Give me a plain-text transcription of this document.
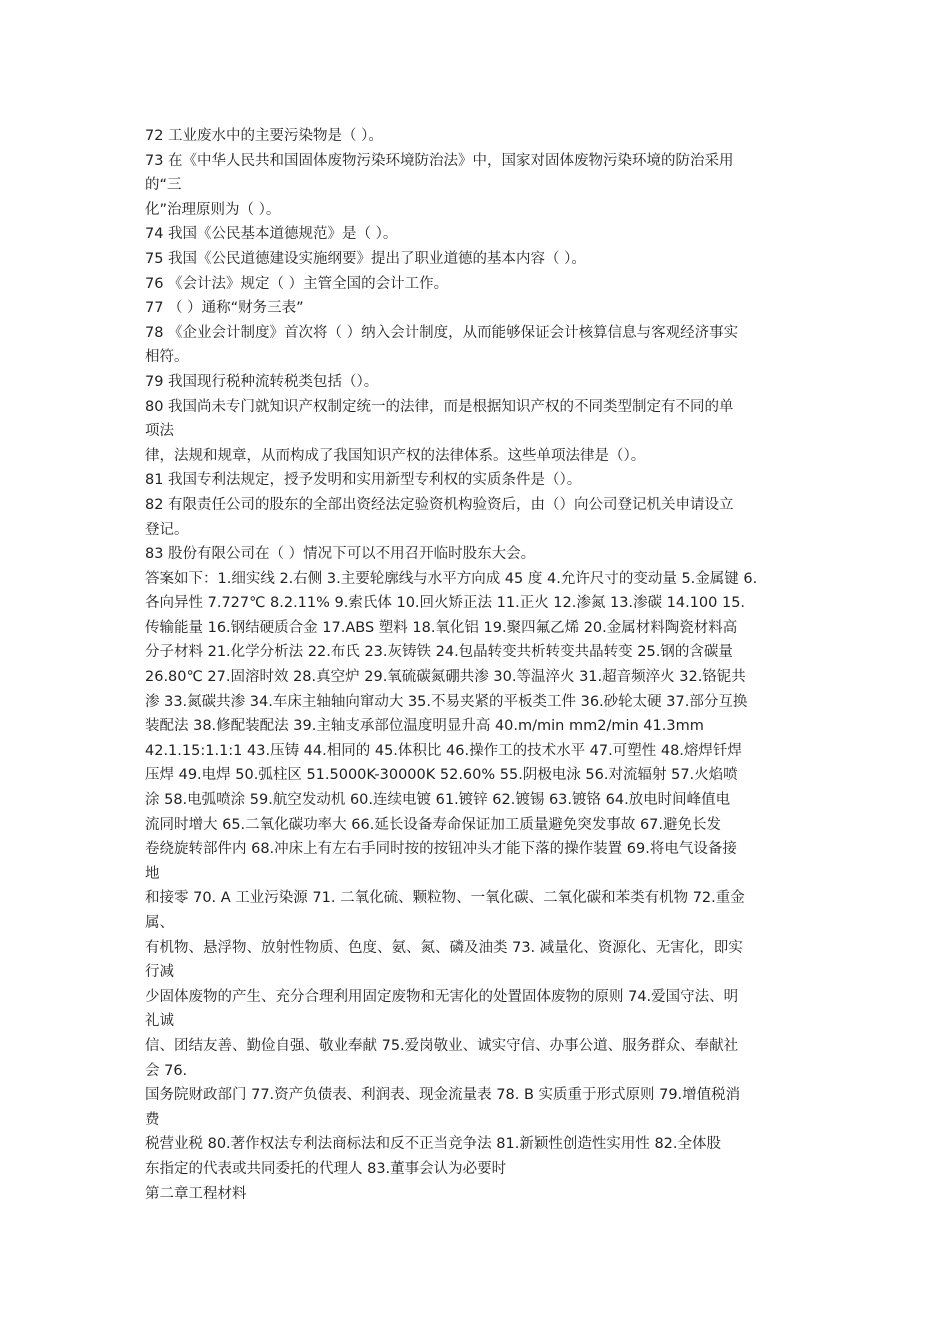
72 工业废水中的主要污染物是（ ）。
73 在《中华人民共和国固体废物污染环境防治法》中，国家对固体废物污染环境的防治采用
的“三
化”治理原则为（ ）。
74 我国《公民基本道德规范》是（ ）。
75 我国《公民道德建设实施纲要》提出了职业道德的基本内容（ ）。
76 《会计法》规定（ ）主管全国的会计工作。
77 （ ）通称“财务三表”
78 《企业会计制度》首次将（ ）纳入会计制度，从而能够保证会计核算信息与客观经济事实
相符。
79 我国现行税种流转税类包括（）。
80 我国尚未专门就知识产权制定统一的法律，而是根据知识产权的不同类型制定有不同的单
项法
律，法规和规章，从而构成了我国知识产权的法律体系。这些单项法律是（）。
81 我国专利法规定，授予发明和实用新型专利权的实质条件是（）。
82 有限责任公司的股东的全部出资经法定验资机构验资后，由（）向公司登记机关申请设立
登记。
83 股份有限公司在（ ）情况下可以不用召开临时股东大会。
答案如下：1.细实线 2.右侧 3.主要轮廓线与水平方向成 45 度 4.允许尺寸的变动量 5.金属键 6.
各向异性 7.727℃ 8.2.11% 9.索氏体 10.回火矫正法 11.正火 12.渗氮 13.渗碳 14.100 15.
传输能量 16.钢结硬质合金 17.ABS 塑料 18.氧化铝 19.聚四氟乙烯 20.金属材料陶瓷材料高
分子材料 21.化学分析法 22.布氏 23.灰铸铁 24.包晶转变共析转变共晶转变 25.钢的含碳量
26.80℃ 27.固溶时效 28.真空炉 29.氧硫碳氮硼共渗 30.等温淬火 31.超音频淬火 32.铬铌共
渗 33.氮碳共渗 34.车床主轴轴向窜动大 35.不易夹紧的平板类工件 36.砂轮太硬 37.部分互换
装配法 38.修配装配法 39.主轴支承部位温度明显升高 40.m/min mm2/min 41.3mm
42.1.15:1.1:1 43.压铸 44.相同的 45.体积比 46.操作工的技术水平 47.可塑性 48.熔焊钎焊
压焊 49.电焊 50.弧柱区 51.5000K-30000K 52.60% 55.阴极电泳 56.对流辐射 57.火焰喷
涂 58.电弧喷涂 59.航空发动机 60.连续电镀 61.镀锌 62.镀锡 63.镀铬 64.放电时间峰值电
流同时增大 65.二氧化碳功率大 66.延长设备寿命保证加工质量避免突发事故 67.避免长发
卷绕旋转部件内 68.冲床上有左右手同时按的按钮冲头才能下落的操作装置 69.将电气设备接
地
和接零 70. A 工业污染源 71. 二氧化硫、颗粒物、一氧化碳、二氧化碳和苯类有机物 72.重金
属、
有机物、悬浮物、放射性物质、色度、氨、氮、磷及油类 73. 减量化、资源化、无害化，即实
行减
少固体废物的产生、充分合理利用固定废物和无害化的处置固体废物的原则 74.爱国守法、明
礼诚
信、团结友善、勤俭自强、敬业奉献 75.爱岗敬业、诚实守信、办事公道、服务群众、奉献社
会 76.
国务院财政部门 77.资产负债表、利润表、现金流量表 78. B 实质重于形式原则 79.增值税消
费
税营业税 80.著作权法专利法商标法和反不正当竞争法 81.新颖性创造性实用性 82.全体股
东指定的代表或共同委托的代理人 83.董事会认为必要时
第二章工程材料
